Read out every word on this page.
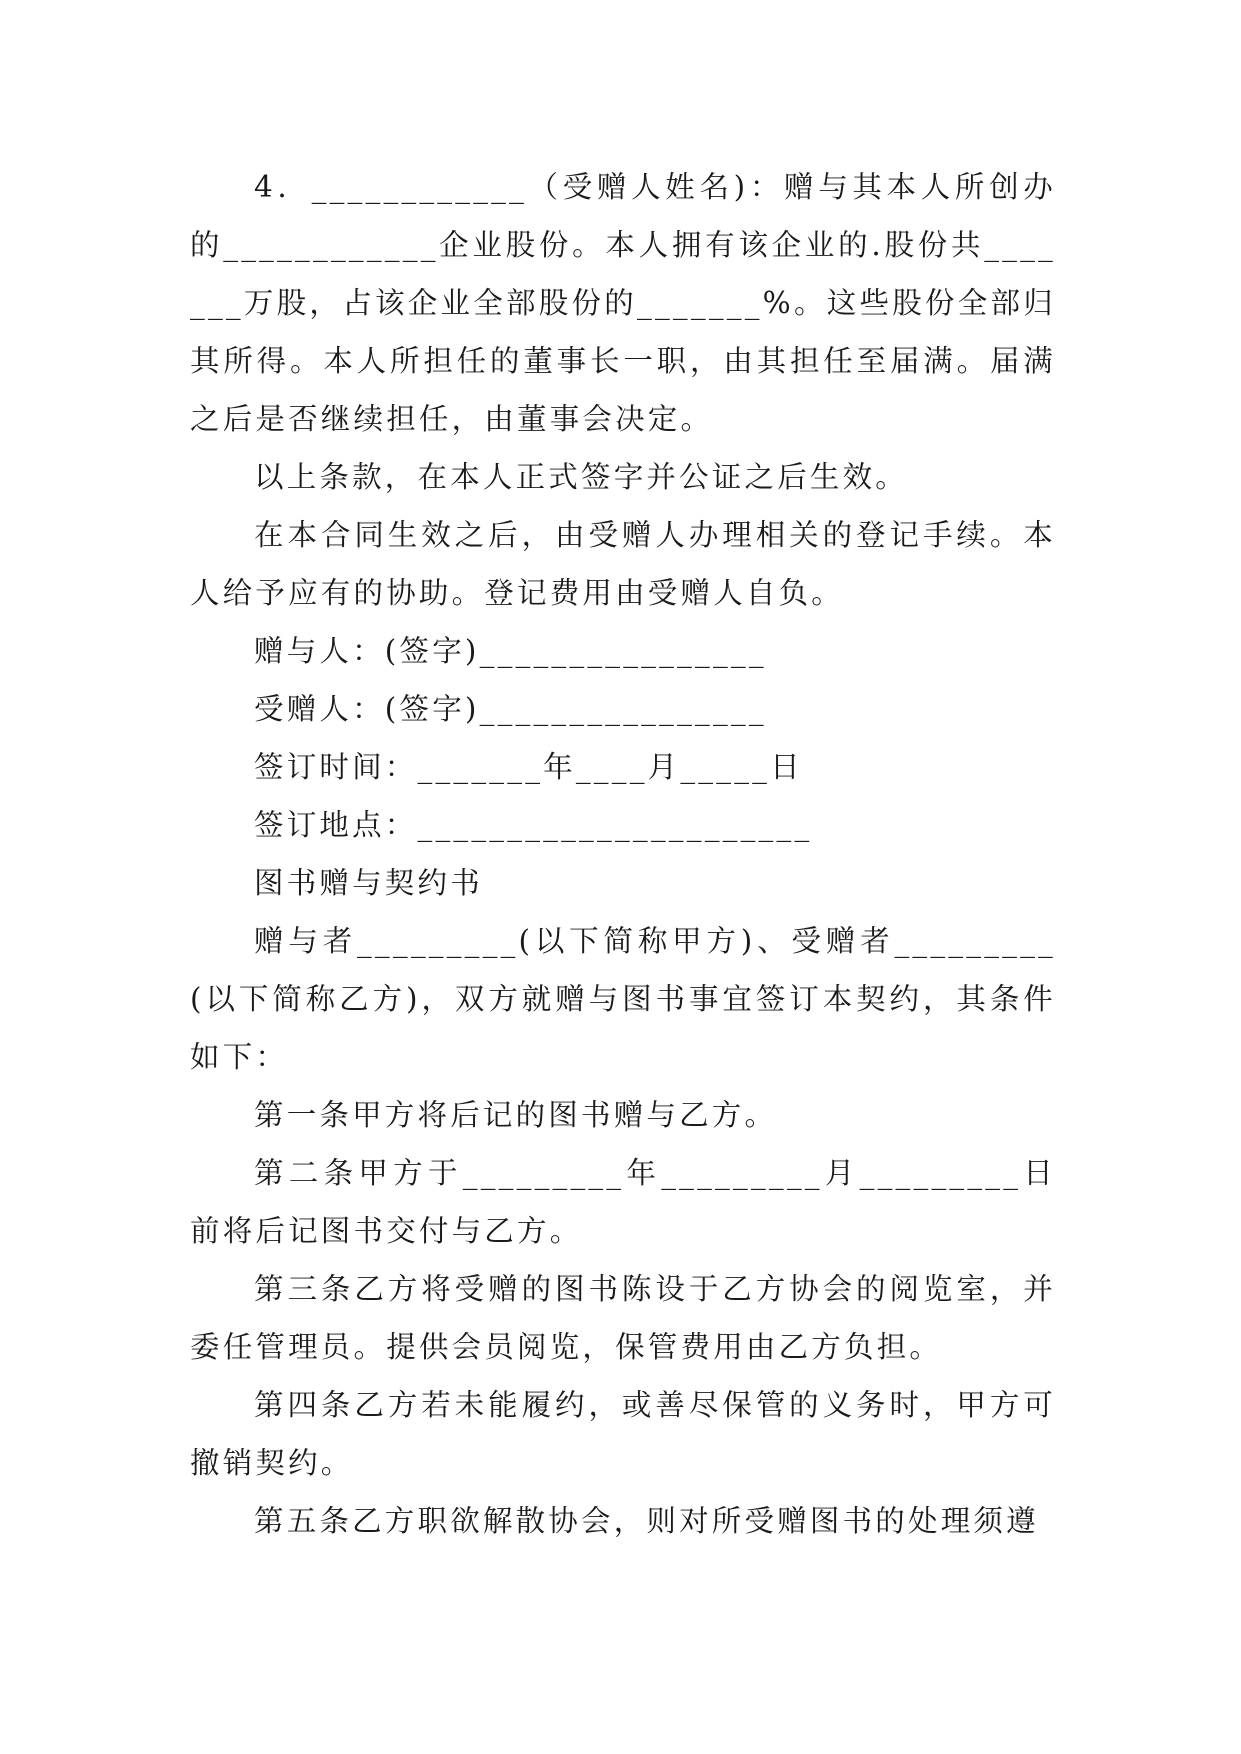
4．____________（受赠人姓名)：赠与其本人所创办的____________企业股份。本人拥有该企业的.股份共_______万股，占该企业全部股份的_______%。这些股份全部归其所得。本人所担任的董事长一职，由其担任至届满。届满之后是否继续担任，由董事会决定。

以上条款，在本人正式签字并公证之后生效。

在本合同生效之后，由受赠人办理相关的登记手续。本人给予应有的协助。登记费用由受赠人自负。

赠与人：(签字)________________

受赠人：(签字)________________

签订时间：_______年____月_____日

签订地点：______________________

图书赠与契约书

赠与者_________(以下简称甲方)、受赠者_________(以下简称乙方)，双方就赠与图书事宜签订本契约，其条件如下：

第一条甲方将后记的图书赠与乙方。

第二条甲方于_________年_________月_________日前将后记图书交付与乙方。

第三条乙方将受赠的图书陈设于乙方协会的阅览室，并委任管理员。提供会员阅览，保管费用由乙方负担。

第四条乙方若未能履约，或善尽保管的义务时，甲方可撤销契约。

第五条乙方职欲解散协会，则对所受赠图书的处理须遵
